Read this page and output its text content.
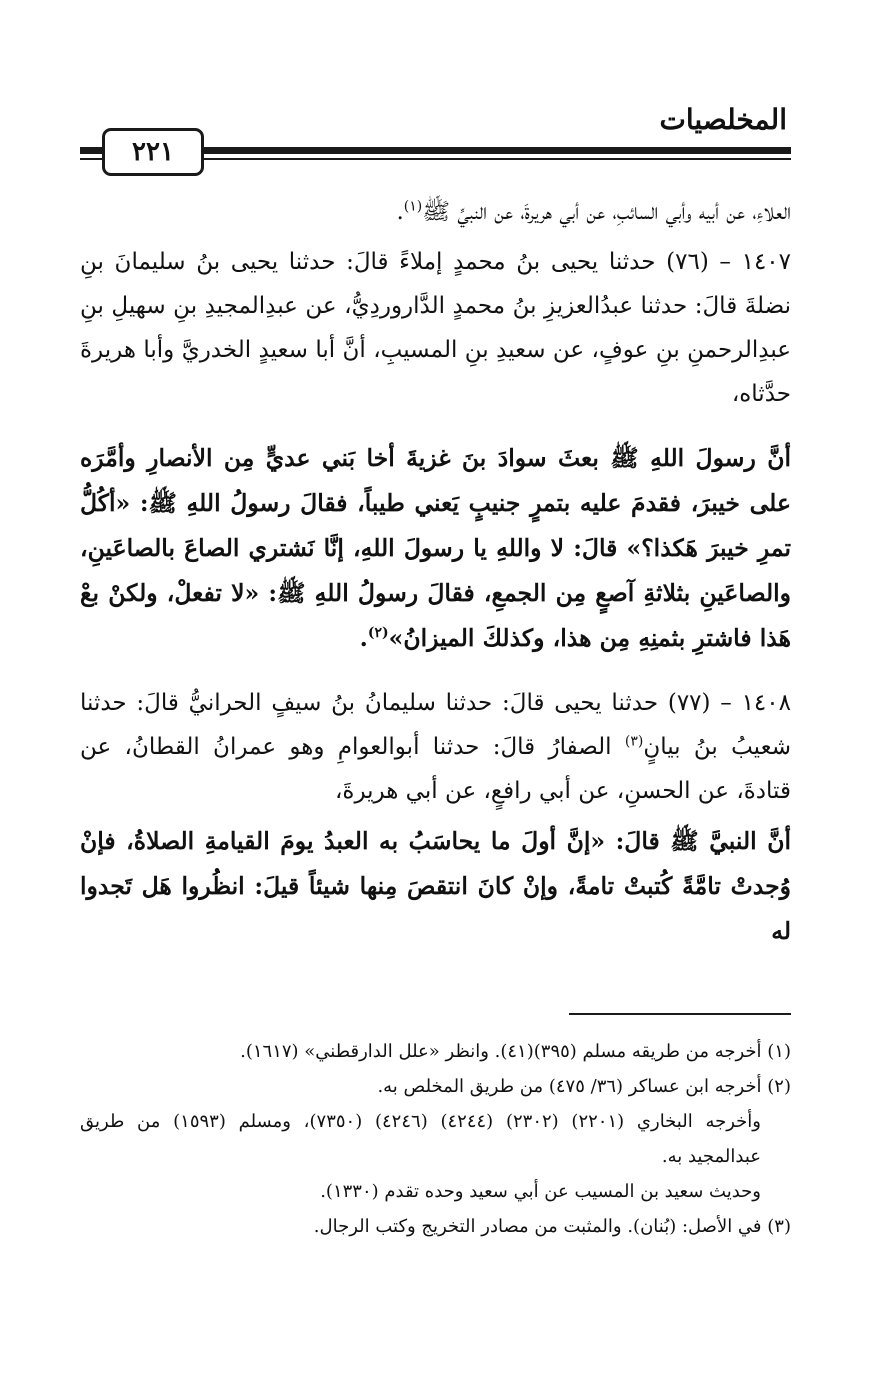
المخلصيات
٢٢١

العلاءِ، عن أبيه وأبي السائبِ، عن أبي هريرةَ، عن النبيِّ ﷺ$^{(١)}$.

١٤٠٧ – (٧٦) حدثنا يحيى بنُ محمدٍ إملاءً قالَ: حدثنا يحيى بنُ سليمانَ بنِ نضلةَ قالَ: حدثنا عبدُالعزيزِ بنُ محمدٍ الدَّاروردِيُّ، عن عبدِالمجيدِ بنِ سهيلِ بنِ عبدِالرحمنِ بنِ عوفٍ، عن سعيدِ بنِ المسيبِ، أنَّ أبا سعيدٍ الخدريَّ وأبا هريرةَ حدَّثاه،

أنَّ رسولَ اللهِ ﷺ بعثَ سوادَ بنَ غزيةَ أخا بَني عديٍّ مِن الأنصارِ وأمَّرَه على خيبرَ، فقدمَ عليه بتمرٍ جنيبٍ يَعني طيباً، فقالَ رسولُ اللهِ ﷺ: «أكُلُّ تمرِ خيبرَ هَكذا؟» قالَ: لا واللهِ يا رسولَ اللهِ، إنَّا نَشتري الصاعَ بالصاعَينِ، والصاعَينِ بثلاثةِ آصعٍ مِن الجمعِ، فقالَ رسولُ اللهِ ﷺ: «لا تفعلْ، ولكنْ بعْ هَذا فاشترِ بثمنِهِ مِن هذا، وكذلكَ الميزانُ»$^{(٢)}$.

١٤٠٨ – (٧٧) حدثنا يحيى قالَ: حدثنا سليمانُ بنُ سيفٍ الحرانيُّ قالَ: حدثنا شعيبُ بنُ بيانٍ$^{(٣)}$ الصفارُ قالَ: حدثنا أبوالعوامِ وهو عمرانُ القطانُ، عن قتادةَ، عن الحسنِ، عن أبي رافعٍ، عن أبي هريرةَ،

أنَّ النبيَّ ﷺ قالَ: «إنَّ أولَ ما يحاسَبُ به العبدُ يومَ القيامةِ الصلاةُ، فإنْ وُجدتْ تامَّةً كُتبتْ تامةً، وإنْ كانَ انتقصَ مِنها شيئاً قيلَ: انظُروا هَل تَجدوا له

(١) أخرجه من طريقه مسلم (٣٩٥)(٤١). وانظر «علل الدارقطني» (١٦١٧).

(٢) أخرجه ابن عساكر (٣٦/ ٤٧٥) من طريق المخلص به.

وأخرجه البخاري (٢٢٠١) (٢٣٠٢) (٤٢٤٤) (٤٢٤٦) (٧٣٥٠)، ومسلم (١٥٩٣) من طريق عبدالمجيد به.

وحديث سعيد بن المسيب عن أبي سعيد وحده تقدم (١٣٣٠).

(٣) في الأصل: (بُنان). والمثبت من مصادر التخريج وكتب الرجال.
